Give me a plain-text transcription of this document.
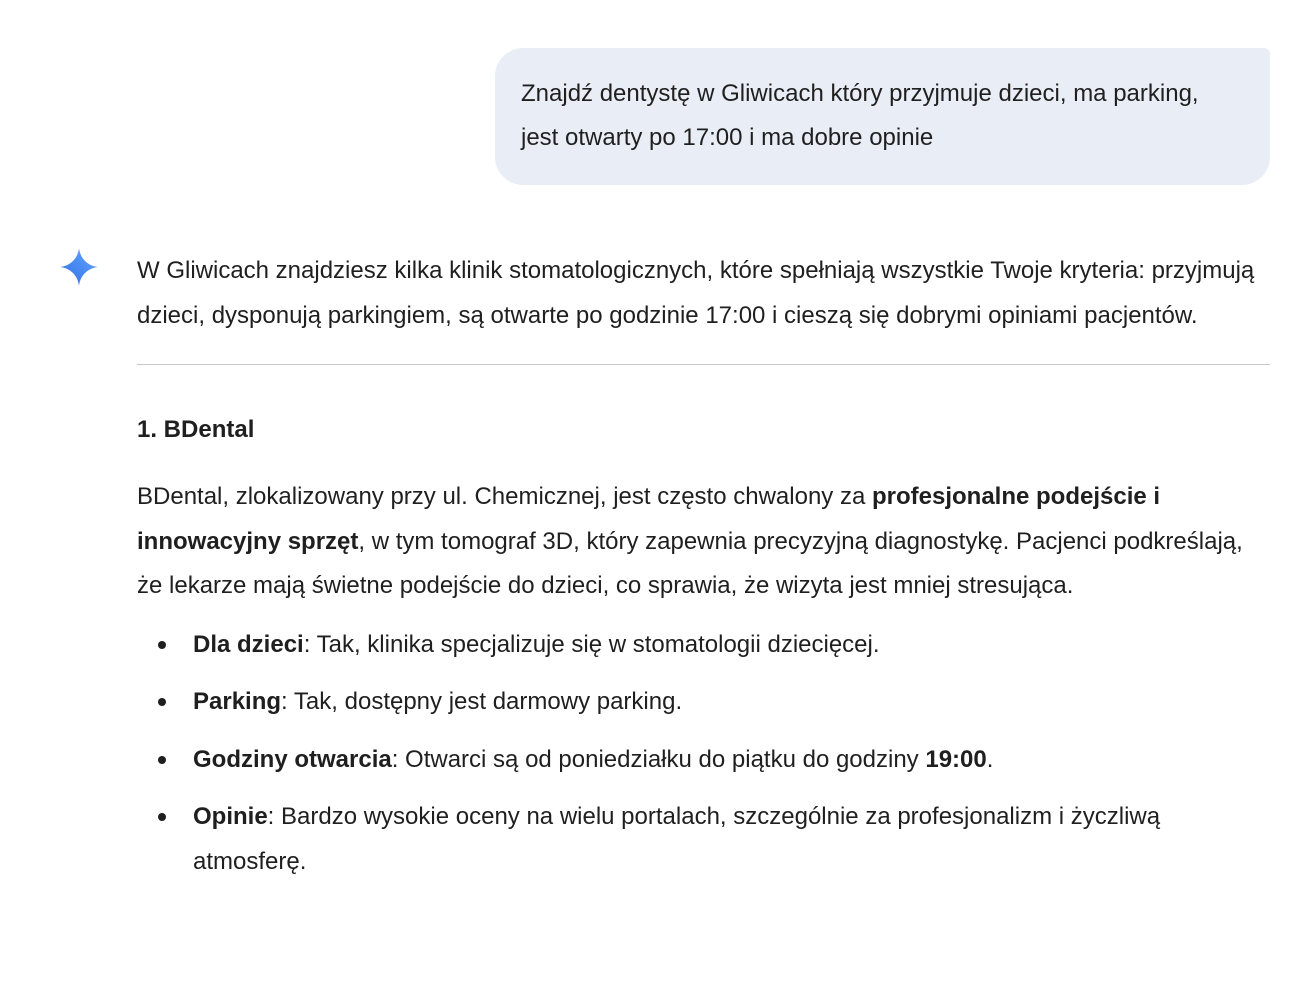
Znajdź dentystę w Gliwicach który przyjmuje dzieci, ma parking, jest otwarty po 17:00 i ma dobre opinie

W Gliwicach znajdziesz kilka klinik stomatologicznych, które spełniają wszystkie Twoje kryteria: przyjmują dzieci, dysponują parkingiem, są otwarte po godzinie 17:00 i cieszą się dobrymi opiniami pacjentów.

1. BDental

BDental, zlokalizowany przy ul. Chemicznej, jest często chwalony za profesjonalne podejście i innowacyjny sprzęt, w tym tomograf 3D, który zapewnia precyzyjną diagnostykę. Pacjenci podkreślają, że lekarze mają świetne podejście do dzieci, co sprawia, że wizyta jest mniej stresująca.

Dla dzieci: Tak, klinika specjalizuje się w stomatologii dziecięcej.
Parking: Tak, dostępny jest darmowy parking.
Godziny otwarcia: Otwarci są od poniedziałku do piątku do godziny 19:00.
Opinie: Bardzo wysokie oceny na wielu portalach, szczególnie za profesjonalizm i życzliwą atmosferę.
